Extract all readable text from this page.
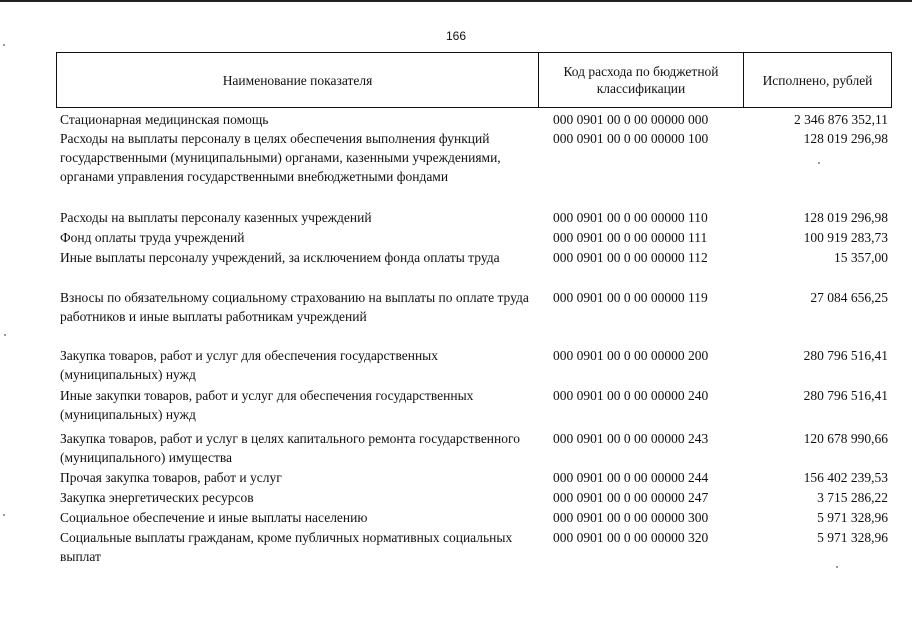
166
Наименование показателя
Код расхода по бюджетной классификации
Исполнено, рублей
Стационарная медицинская помощь	000 0901 00 0 00 00000 000	2 346 876 352,11
Расходы на выплаты персоналу в целях обеспечения выполнения функций государственными (муниципальными) органами, казенными учреждениями, органами управления государственными внебюджетными фондами
000 0901 00 0 00 00000 100	128 019 296,98
Расходы на выплаты персоналу казенных учреждений	000 0901 00 0 00 00000 110	128 019 296,98
Фонд оплаты труда учреждений	000 0901 00 0 00 00000 111	100 919 283,73
Иные выплаты персоналу учреждений, за исключением фонда оплаты труда	000 0901 00 0 00 00000 112	15 357,00
Взносы по обязательному социальному страхованию на выплаты по оплате труда работников и иные выплаты работникам учреждений
000 0901 00 0 00 00000 119	27 084 656,25
Закупка товаров, работ и услуг для обеспечения государственных (муниципальных) нужд
000 0901 00 0 00 00000 200	280 796 516,41
Иные закупки товаров, работ и услуг для обеспечения государственных (муниципальных) нужд
000 0901 00 0 00 00000 240	280 796 516,41
Закупка товаров, работ и услуг в целях капитального ремонта государственного (муниципального) имущества
000 0901 00 0 00 00000 243	120 678 990,66
Прочая закупка товаров, работ и услуг	000 0901 00 0 00 00000 244	156 402 239,53
Закупка энергетических ресурсов	000 0901 00 0 00 00000 247	3 715 286,22
Социальное обеспечение и иные выплаты населению	000 0901 00 0 00 00000 300	5 971 328,96
Социальные выплаты гражданам, кроме публичных нормативных социальных выплат
000 0901 00 0 00 00000 320	5 971 328,96
